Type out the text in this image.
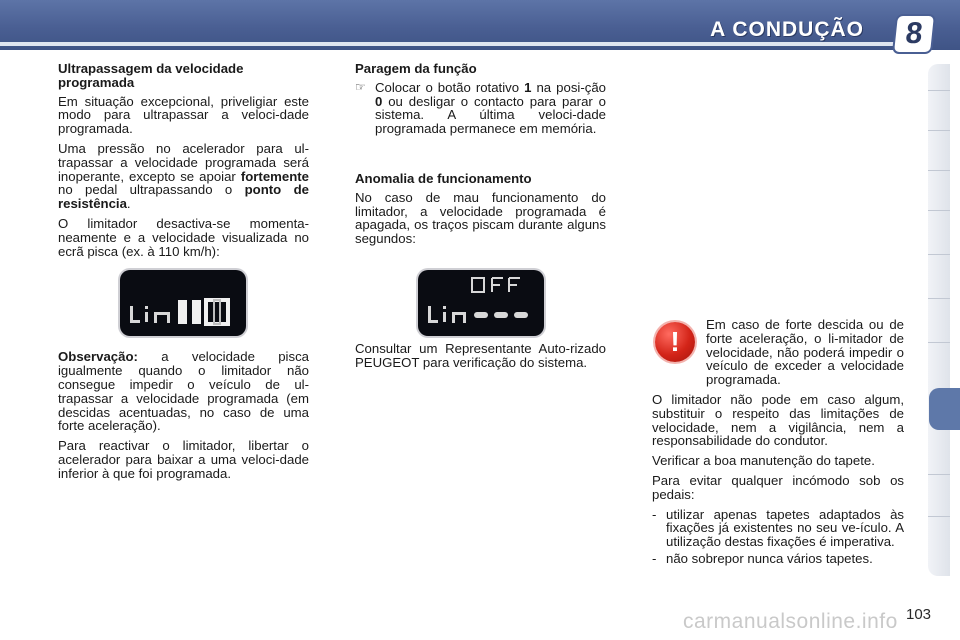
A CONDUÇÃO	8

Ultrapassagem da velocidade programada

Em situação excepcional, priveligiar este modo para ultrapassar a veloci-dade programada.

Uma pressão no acelerador para ul-trapassar a velocidade programada será inoperante, excepto se apoiar fortemente no pedal ultrapassando o ponto de resistência.

O limitador desactiva-se momenta-neamente e a velocidade visualizada no ecrã pisca (ex. à 110 km/h):

Observação: a velocidade pisca igualmente quando o limitador não consegue impedir o veículo de ul-trapassar a velocidade programada (em descidas acentuadas, no caso de uma forte aceleração).

Para reactivar o limitador, libertar o acelerador para baixar a uma veloci-dade inferior à que foi programada.

Paragem da função

☞ Colocar o botão rotativo 1 na posi-ção 0 ou desligar o contacto para parar o sistema. A última veloci-dade programada permanece em memória.

Anomalia de funcionamento

No caso de mau funcionamento do limitador, a velocidade programada é apagada, os traços piscam durante alguns segundos:

Consultar um Representante Auto-rizado PEUGEOT para verificação do sistema.

!

Em caso de forte descida ou de forte aceleração, o li-mitador de velocidade, não poderá impedir o veículo de exceder a velocidade programada.

O limitador não pode em caso algum, substituir o respeito das limitações de velocidade, nem a vigilância, nem a responsabilidade do condutor.

Verificar a boa manutenção do tapete.

Para evitar qualquer incómodo sob os pedais:

- utilizar apenas tapetes adaptados às fixações já existentes no seu ve-ículo. A utilização destas fixações é imperativa.
- não sobrepor nunca vários tapetes.
carmanualsonline.info 103
